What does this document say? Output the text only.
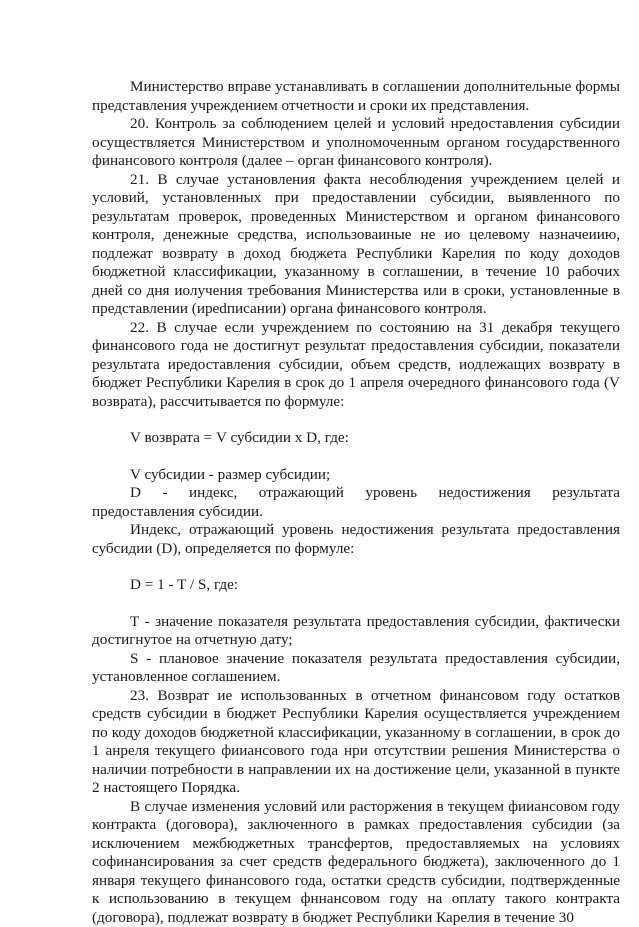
Министерство вправе устанавливать в соглашении дополнительные формы представления учреждением отчетности и сроки их представления.

20. Контроль за соблюдением целей и условий нредоставления субсидии осуществляется Министерством и уполномоченным органом государственного финансового контроля (далее – орган финансового контроля).

21. В случае установления факта несоблюдения учреждением целей и условий, установленных при предоставлении субсидии, выявленного по результатам проверок, проведенных Министерством и органом финансового контроля, денежные средства, использоваиные не ио целевому назначеиию, подлежат возврату в доход бюджета Республики Карелия по коду доходов бюджетной классификации, указанному в соглашении, в течение 10 рабочих дней со дня иолучения требования Министерства или в сроки, установленные в представлении (ирedписании) органа финансового контроля.

22. В случае если учреждением по состоянию на 31 декабря текущего финансового года не достигнут результат предоставления субсидии, показатели результата иредоставления субсидии, объем средств, иодлежащих возврату в бюджет Республики Карелия в срок до 1 апреля очередного финансового года (V возврата), рассчитывается по формуле:

V возврата = V субсидии x D, где:

V субсидии - размер субсидии;

D - индекс, отражающий уровень недостижения результата предоставления субсидии.

Индекс, отражающий уровень недостижения результата предоставления субсидии (D), определяется по формуле:

D = 1 - T / S, где:

Т - значение показателя результата предоставления субсидии, фактически достигнутое на отчетную дату;

S - плановое значение показателя результата предоставления субсидии, установленное соглашением.

23. Возврат ие использованных в отчетном финансовом году остатков средств субсидии в бюджет Республики Карелия осуществляется учреждением по коду доходов бюджетной классификации, указанному в соглашении, в срок до 1 анреля текущего фииансового года нри отсутствии решения Министерства о наличии потребности в направлении их на достижение цели, указанной в пункте 2 настоящего Порядка.

В случае изменения условий или расторжения в текущем фииансовом году контракта (договора), заключенного в рамках предоставления субсидии (за исключением межбюджетных трансфертов, предоставляемых на условиях софинансирования за счет средств федерального бюджета), заключенного до 1 января текущего финансового года, остатки средств субсидии, подтвержденные к использованию в текущем фннансовом году на оплату такого контракта (договора), подлежат возврату в бюджет Республики Карелия в течение 30
